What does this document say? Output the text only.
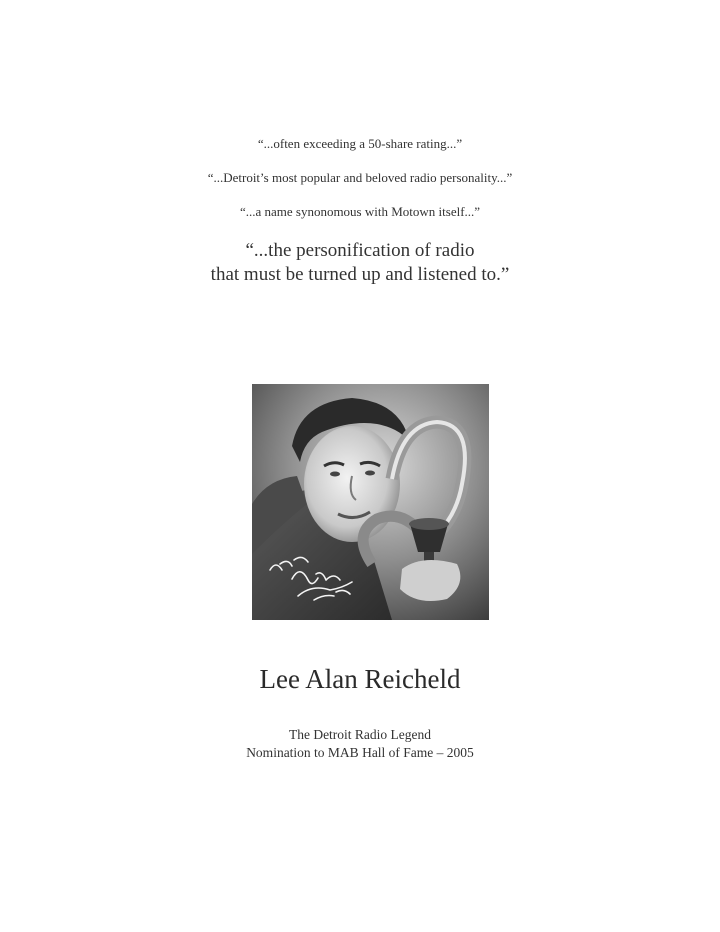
“...often exceeding a 50-share rating...”
“...Detroit’s most popular and beloved radio personality...”
“...a name synonomous with Motown itself...”
“...the personification of radio
that must be turned up and listened to.”
Lee Alan Reicheld
The Detroit Radio Legend
Nomination to MAB Hall of Fame – 2005
